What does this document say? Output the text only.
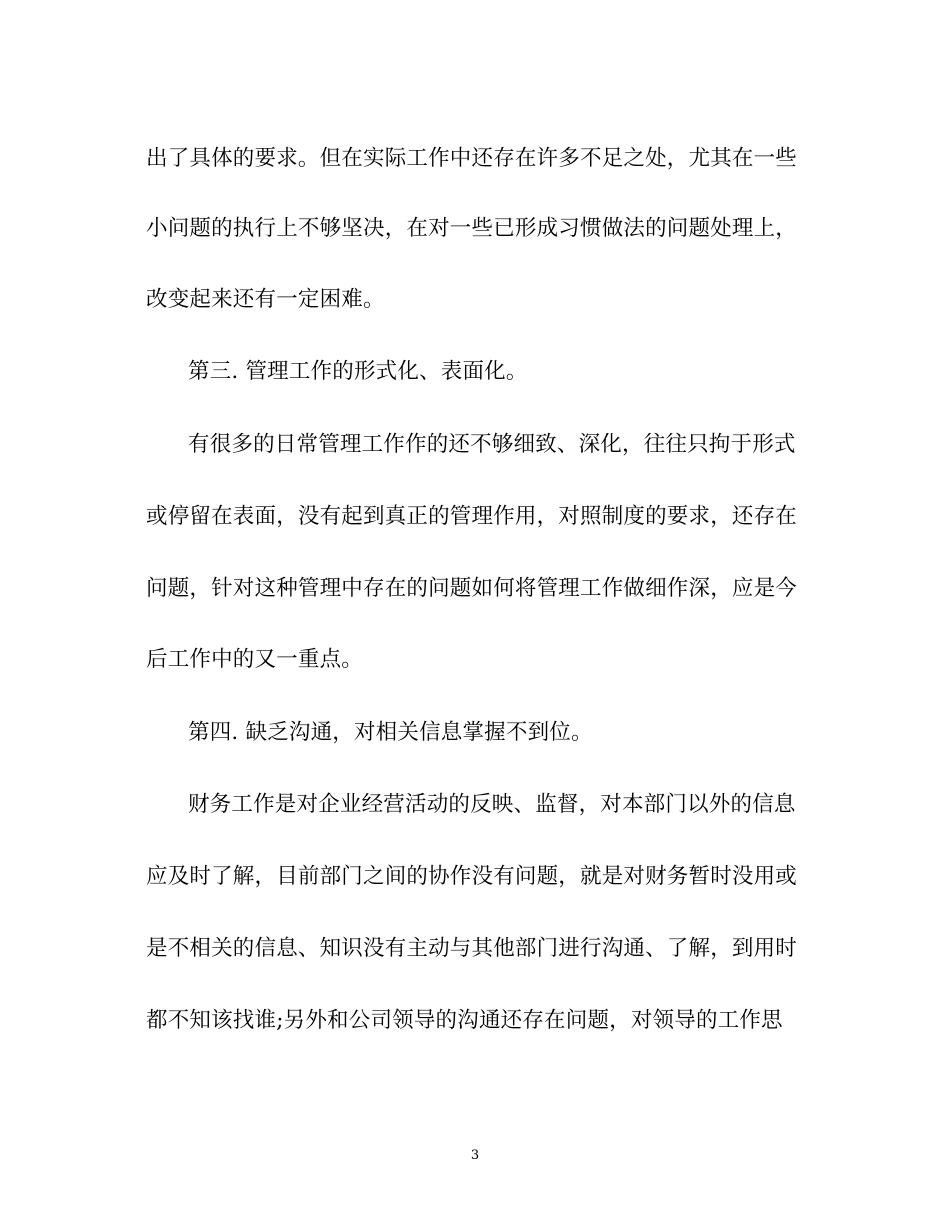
出了具体的要求。但在实际工作中还存在许多不足之处，尤其在一些
小问题的执行上不够坚决，在对一些已形成习惯做法的问题处理上，
改变起来还有一定困难。
第三. 管理工作的形式化、表面化。
有很多的日常管理工作作的还不够细致、深化，往往只拘于形式
或停留在表面，没有起到真正的管理作用，对照制度的要求，还存在
问题，针对这种管理中存在的问题如何将管理工作做细作深，应是今
后工作中的又一重点。
第四. 缺乏沟通，对相关信息掌握不到位。
财务工作是对企业经营活动的反映、监督，对本部门以外的信息
应及时了解，目前部门之间的协作没有问题，就是对财务暂时没用或
是不相关的信息、知识没有主动与其他部门进行沟通、了解，到用时
都不知该找谁;另外和公司领导的沟通还存在问题，对领导的工作思
3
